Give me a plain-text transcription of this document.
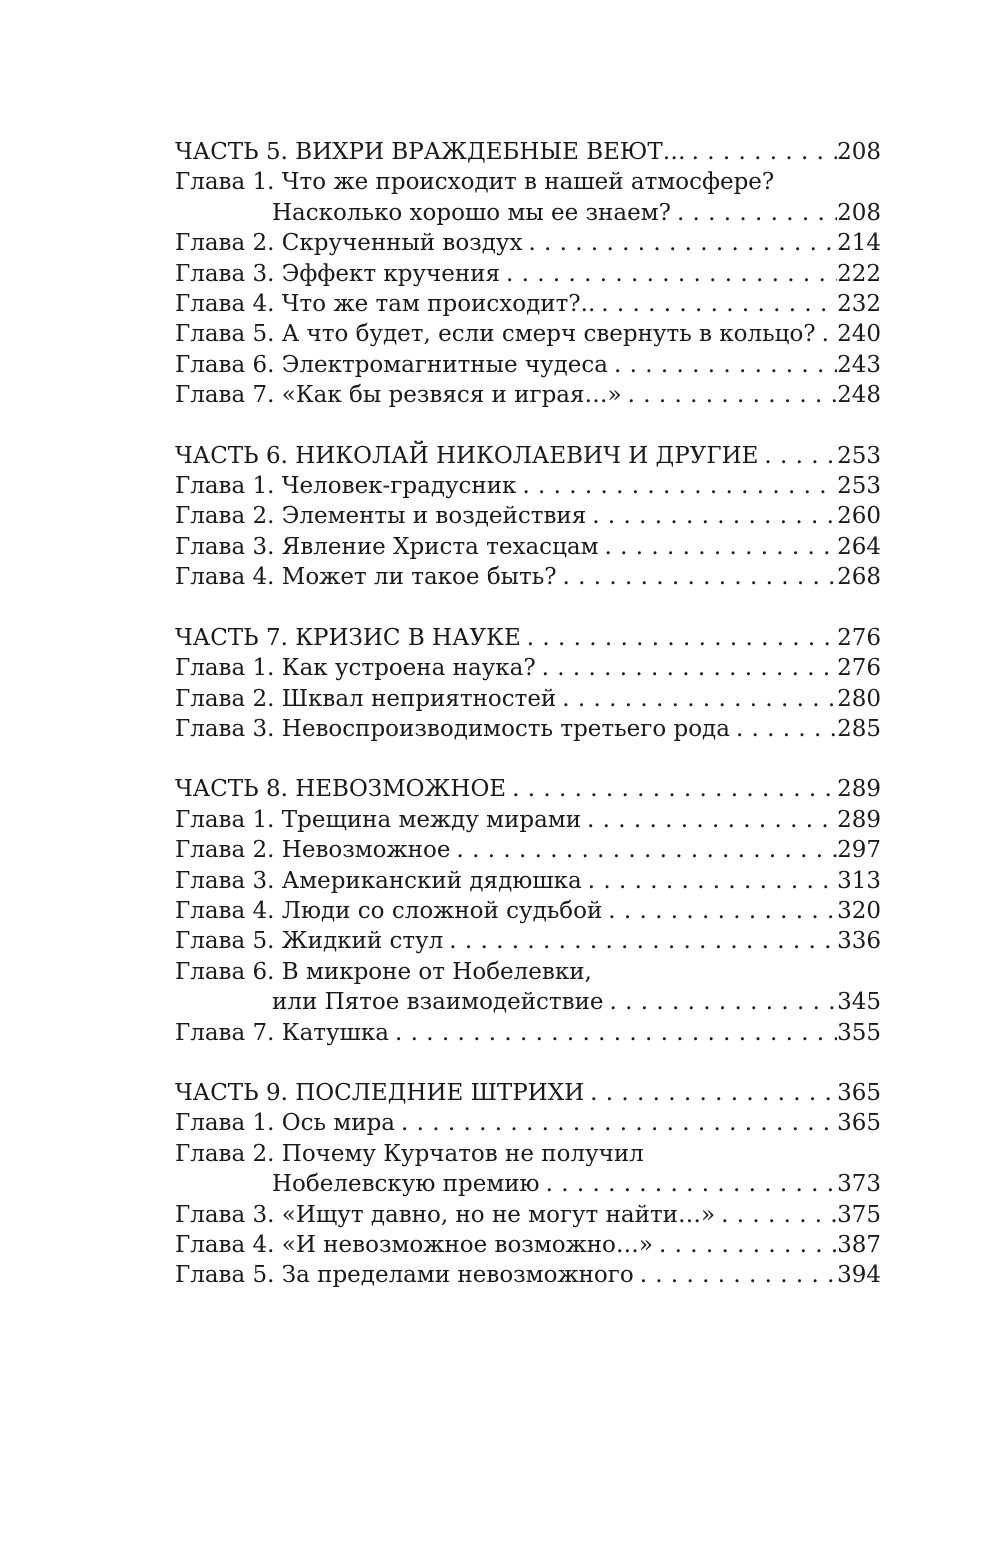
ЧАСТЬ 5. ВИХРИ ВРАЖДЕБНЫЕ ВЕЮТ… . . .	208
Глава 1. Что же происходит в нашей атмосфере?
Насколько хорошо мы ее знаем? . . .	208
Глава 2. Скрученный воздух . . .	214
Глава 3. Эффект кручения . . .	222
Глава 4. Что же там происходит?.. . . .	232
Глава 5. А что будет, если смерч свернуть в кольцо? . . . 240
Глава 6. Электромагнитные чудеса . . .	243
Глава 7. «Как бы резвяся и играя…» . . .	248
ЧАСТЬ 6. НИКОЛАЙ НИКОЛАЕВИЧ И ДРУГИЕ . . .	253
Глава 1. Человек-градусник . . .	253
Глава 2. Элементы и воздействия . . .	260
Глава 3. Явление Христа техасцам . . .	264
Глава 4. Может ли такое быть? . . .	268
ЧАСТЬ 7. КРИЗИС В НАУКЕ . . .	276
Глава 1. Как устроена наука? . . .	276
Глава 2. Шквал неприятностей . . .	280
Глава 3. Невоспроизводимость третьего рода . . .	285
ЧАСТЬ 8. НЕВОЗМОЖНОЕ . . .	289
Глава 1. Трещина между мирами . . .	289
Глава 2. Невозможное . . .	297
Глава 3. Американский дядюшка . . .	313
Глава 4. Люди со сложной судьбой . . .	320
Глава 5. Жидкий стул . . .	336
Глава 6. В микроне от Нобелевки,
или Пятое взаимодействие . . .	345
Глава 7. Катушка . . .	355
ЧАСТЬ 9. ПОСЛЕДНИЕ ШТРИХИ . . .	365
Глава 1. Ось мира . . .	365
Глава 2. Почему Курчатов не получил
Нобелевскую премию . . .	373
Глава 3. «Ищут давно, но не могут найти…» . . .	375
Глава 4. «И невозможное возможно…» . . .	387
Глава 5. За пределами невозможного . . .	394
